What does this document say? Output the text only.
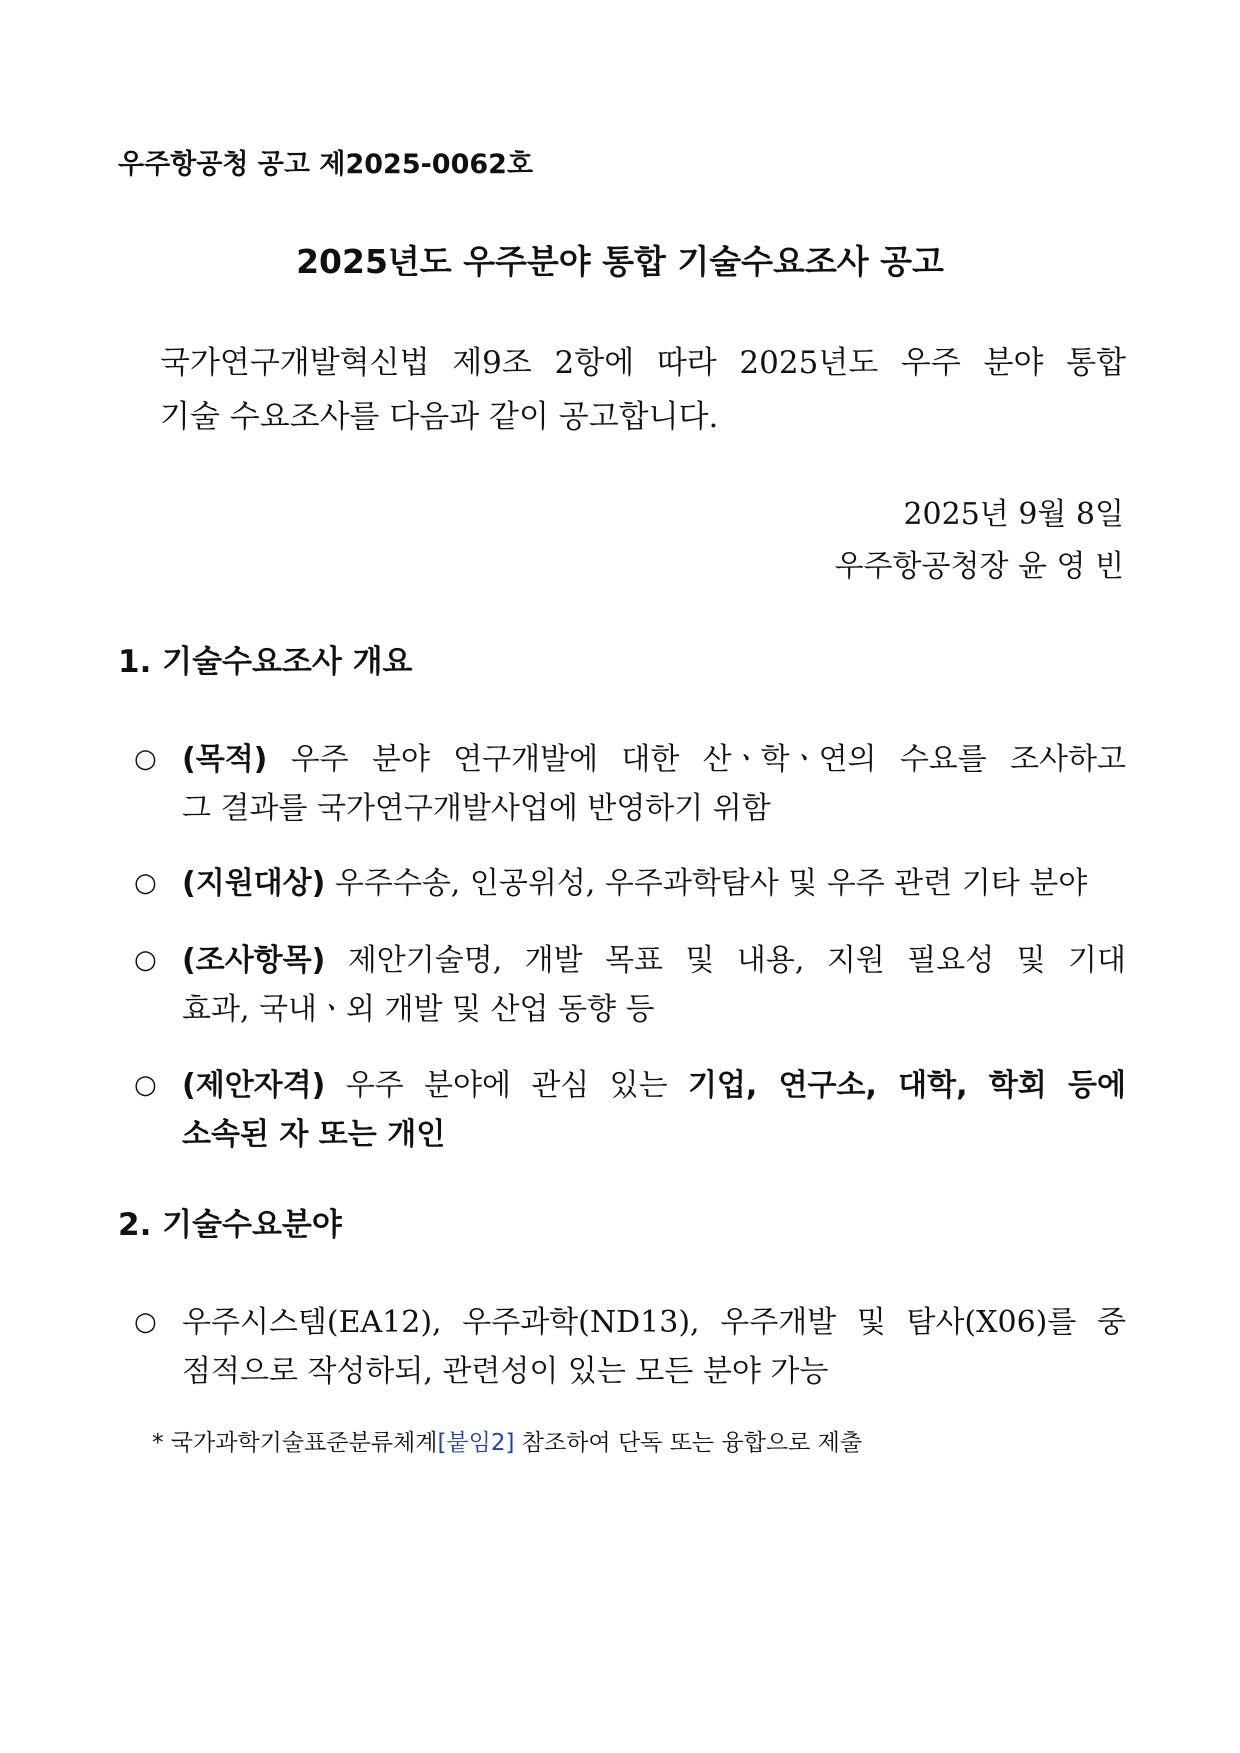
우주항공청 공고 제2025-0062호
2025년도 우주분야 통합 기술수요조사 공고
국가연구개발혁신법 제9조 2항에 따라 2025년도 우주 분야 통합
기술 수요조사를 다음과 같이 공고합니다.
2025년 9월 8일
우주항공청장 윤 영 빈
1. 기술수요조사 개요
○ (목적) 우주 분야 연구개발에 대한 산ㆍ학ㆍ연의 수요를 조사하고
그 결과를 국가연구개발사업에 반영하기 위함
○ (지원대상) 우주수송, 인공위성, 우주과학탐사 및 우주 관련 기타 분야
○ (조사항목) 제안기술명, 개발 목표 및 내용, 지원 필요성 및 기대
효과, 국내ㆍ외 개발 및 산업 동향 등
○ (제안자격) 우주 분야에 관심 있는 기업, 연구소, 대학, 학회 등에
소속된 자 또는 개인
2. 기술수요분야
○ 우주시스템(EA12), 우주과학(ND13), 우주개발 및 탐사(X06)를 중
점적으로 작성하되, 관련성이 있는 모든 분야 가능
* 국가과학기술표준분류체계[붙임2] 참조하여 단독 또는 융합으로 제출
